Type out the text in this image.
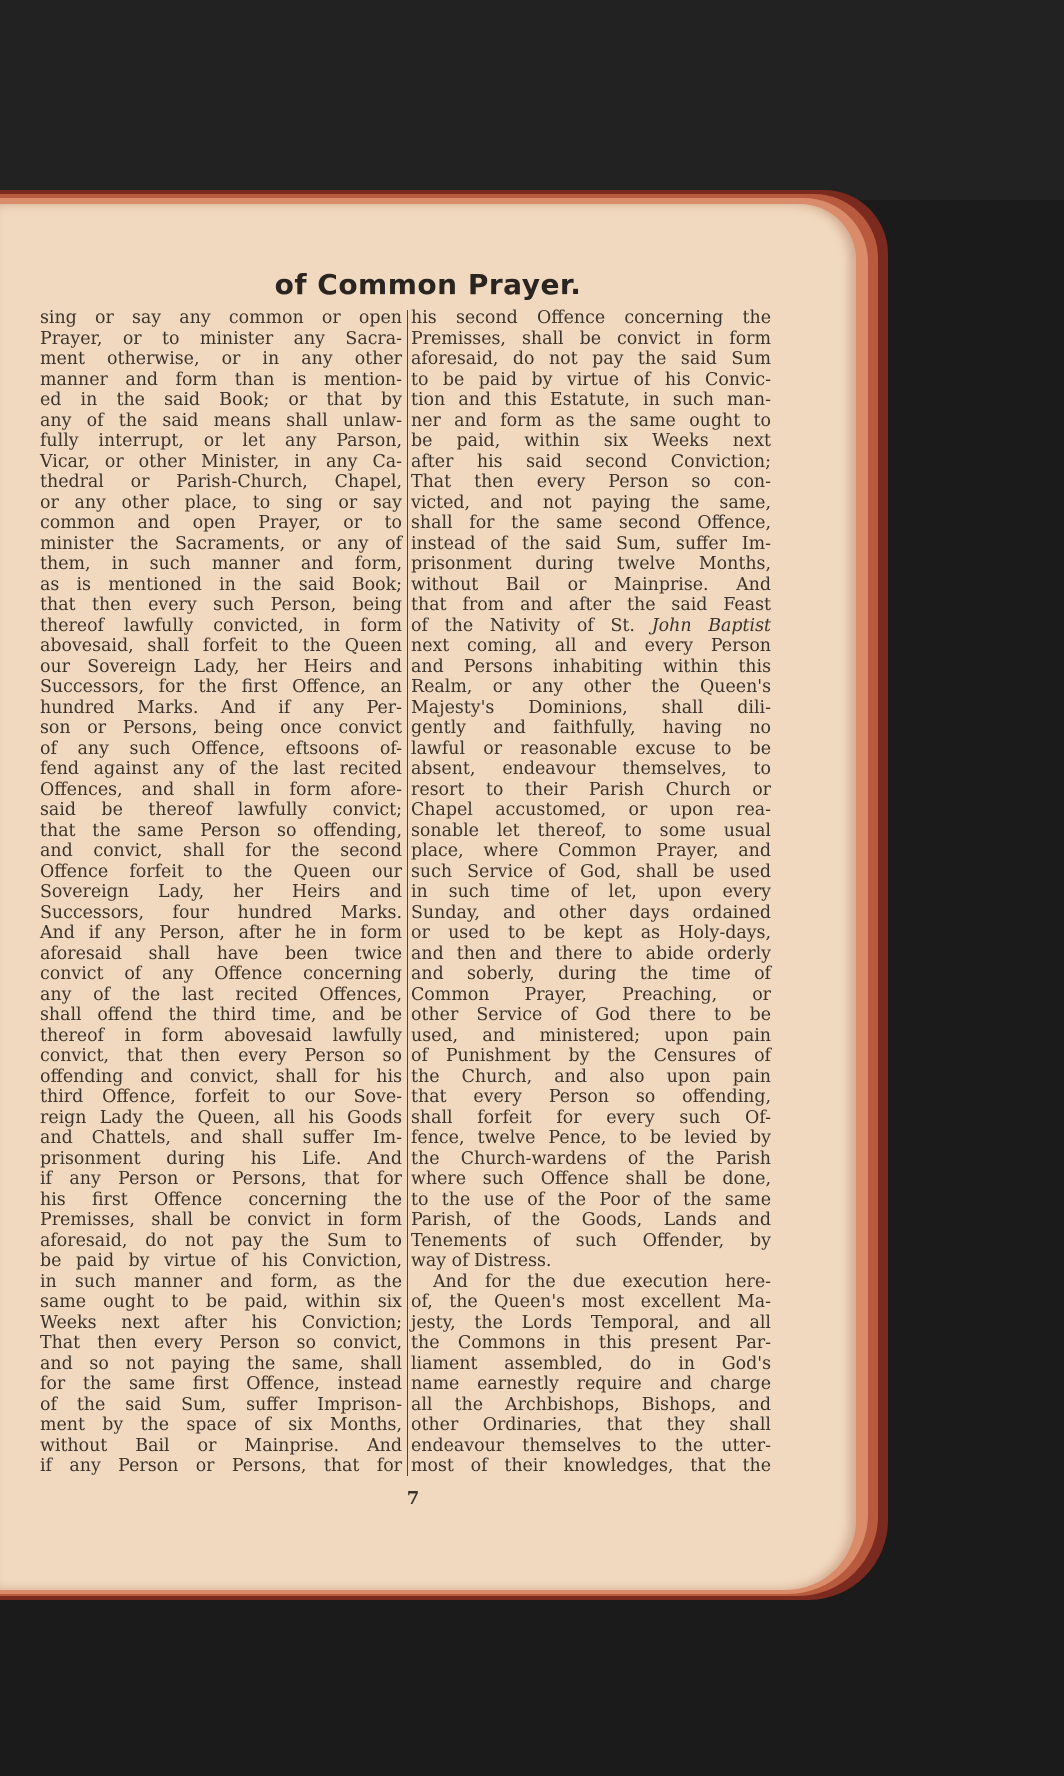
of Common Prayer.
sing or say any common or open
Prayer, or to minister any Sacra-
ment otherwise, or in any other
manner and form than is mention-
ed in the said Book; or that by
any of the said means shall unlaw-
fully interrupt, or let any Parson,
Vicar, or other Minister, in any Ca-
thedral or Parish-Church, Chapel,
or any other place, to sing or say
common and open Prayer, or to
minister the Sacraments, or any of
them, in such manner and form,
as is mentioned in the said Book;
that then every such Person, being
thereof lawfully convicted, in form
abovesaid, shall forfeit to the Queen
our Sovereign Lady, her Heirs and
Successors, for the first Offence, an
hundred Marks. And if any Per-
son or Persons, being once convict
of any such Offence, eftsoons of-
fend against any of the last recited
Offences, and shall in form afore-
said be thereof lawfully convict;
that the same Person so offending,
and convict, shall for the second
Offence forfeit to the Queen our
Sovereign Lady, her Heirs and
Successors, four hundred Marks.
And if any Person, after he in form
aforesaid shall have been twice
convict of any Offence concerning
any of the last recited Offences,
shall offend the third time, and be
thereof in form abovesaid lawfully
convict, that then every Person so
offending and convict, shall for his
third Offence, forfeit to our Sove-
reign Lady the Queen, all his Goods
and Chattels, and shall suffer Im-
prisonment during his Life. And
if any Person or Persons, that for
his first Offence concerning the
Premisses, shall be convict in form
aforesaid, do not pay the Sum to
be paid by virtue of his Conviction,
in such manner and form, as the
same ought to be paid, within six
Weeks next after his Conviction;
That then every Person so convict,
and so not paying the same, shall
for the same first Offence, instead
of the said Sum, suffer Imprison-
ment by the space of six Months,
without Bail or Mainprise. And
if any Person or Persons, that for
his second Offence concerning the
Premisses, shall be convict in form
aforesaid, do not pay the said Sum
to be paid by virtue of his Convic-
tion and this Estatute, in such man-
ner and form as the same ought to
be paid, within six Weeks next
after his said second Conviction;
That then every Person so con-
victed, and not paying the same,
shall for the same second Offence,
instead of the said Sum, suffer Im-
prisonment during twelve Months,
without Bail or Mainprise. And
that from and after the said Feast
of the Nativity of St. John Baptist
next coming, all and every Person
and Persons inhabiting within this
Realm, or any other the Queen's
Majesty's Dominions, shall dili-
gently and faithfully, having no
lawful or reasonable excuse to be
absent, endeavour themselves, to
resort to their Parish Church or
Chapel accustomed, or upon rea-
sonable let thereof, to some usual
place, where Common Prayer, and
such Service of God, shall be used
in such time of let, upon every
Sunday, and other days ordained
or used to be kept as Holy-days,
and then and there to abide orderly
and soberly, during the time of
Common Prayer, Preaching, or
other Service of God there to be
used, and ministered; upon pain
of Punishment by the Censures of
the Church, and also upon pain
that every Person so offending,
shall forfeit for every such Of-
fence, twelve Pence, to be levied by
the Church-wardens of the Parish
where such Offence shall be done,
to the use of the Poor of the same
Parish, of the Goods, Lands and
Tenements of such Offender, by
way of Distress.
And for the due execution here-
of, the Queen's most excellent Ma-
jesty, the Lords Temporal, and all
the Commons in this present Par-
liament assembled, do in God's
name earnestly require and charge
all the Archbishops, Bishops, and
other Ordinaries, that they shall
endeavour themselves to the utter-
most of their knowledges, that the
7
